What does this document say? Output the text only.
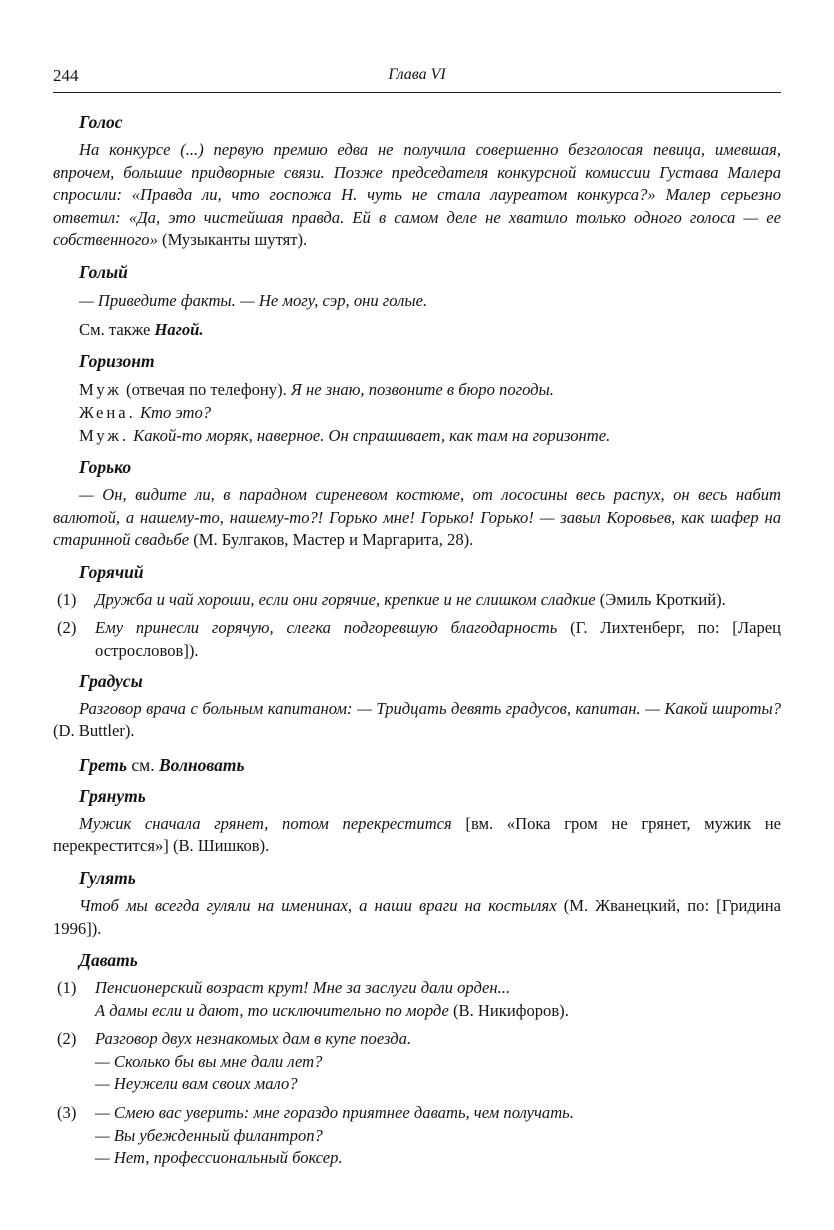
244	Глава VI
Голос

На конкурсе (...) первую премию едва не получила совершенно безголосая певица, имевшая, впрочем, большие придворные связи. Позже председателя конкурсной комиссии Густава Малера спросили: «Правда ли, что госпожа Н. чуть не стала лауреатом конкурса?» Малер серьезно ответил: «Да, это чистейшая правда. Ей в самом деле не хватило только одного голоса — ее собственного» (Музыканты шутят).

Голый

— Приведите факты. — Не могу, сэр, они голые.

См. также Нагой.

Горизонт

Муж (отвечая по телефону). Я не знаю, позвоните в бюро погоды.

Жена. Кто это?

Муж. Какой-то моряк, наверное. Он спрашивает, как там на горизонте.

Горько

— Он, видите ли, в парадном сиреневом костюме, от лососины весь распух, он весь набит валютой, а нашему-то, нашему-то?! Горько мне! Горько! Горько! — завыл Коровьев, как шафер на старинной свадьбе (М. Булгаков, Мастер и Маргарита, 28).

Горячий
(1) Дружба и чай хороши, если они горячие, крепкие и не слишком сладкие (Эмиль Кроткий).
(2) Ему принесли горячую, слегка подгоревшую благодарность (Г. Лихтенберг, по: [Ларец острословов]).
Градусы

Разговор врача с больным капитаном: — Тридцать девять градусов, капитан. — Какой широты? (D. Buttler).

Греть см. Волновать
Грянуть

Мужик сначала грянет, потом перекрестится [вм. «Пока гром не грянет, мужик не перекрестится»] (В. Шишков).

Гулять

Чтоб мы всегда гуляли на именинах, а наши враги на костылях (М. Жванецкий, по: [Гридина 1996]).

Давать
(1) Пенсионерский возраст крут! Мне за заслуги дали орден...
А дамы если и дают, то исключительно по морде (В. Никифоров).
(2) Разговор двух незнакомых дам в купе поезда.
— Сколько бы вы мне дали лет?
— Неужели вам своих мало?
(3) — Смею вас уверить: мне гораздо приятнее давать, чем получать.
— Вы убежденный филантроп?
— Нет, профессиональный боксер.
